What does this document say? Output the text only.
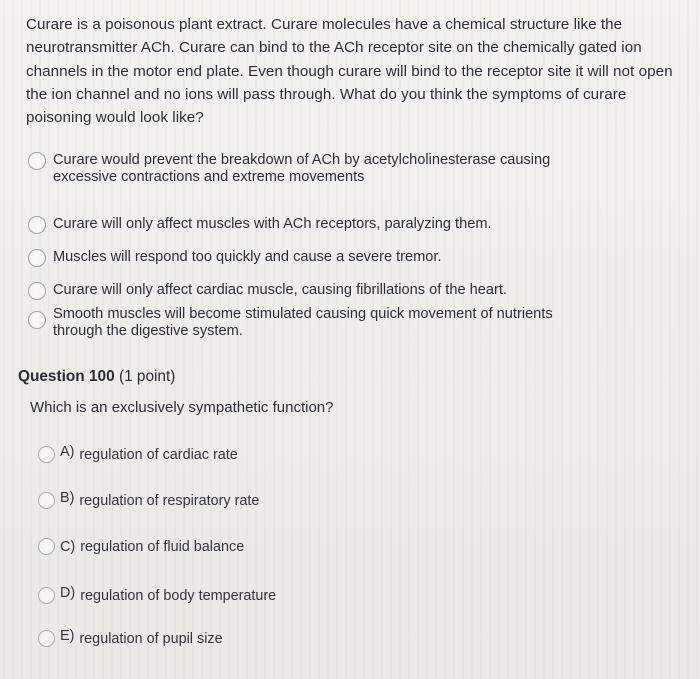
Curare is a poisonous plant extract. Curare molecules have a chemical structure like the neurotransmitter ACh. Curare can bind to the ACh receptor site on the chemically gated ion channels in the motor end plate. Even though curare will bind to the receptor site it will not open the ion channel and no ions will pass through. What do you think the symptoms of curare poisoning would look like?
Curare would prevent the breakdown of ACh by acetylcholinesterase causing
excessive contractions and extreme movements
Curare will only affect muscles with ACh receptors, paralyzing them.
Muscles will respond too quickly and cause a severe tremor.
Curare will only affect cardiac muscle, causing fibrillations of the heart.
Smooth muscles will become stimulated causing quick movement of nutrients
through the digestive system.
Question 100 (1 point)
Which is an exclusively sympathetic function?
A) regulation of cardiac rate
B) regulation of respiratory rate
C) regulation of fluid balance
D) regulation of body temperature
E) regulation of pupil size
